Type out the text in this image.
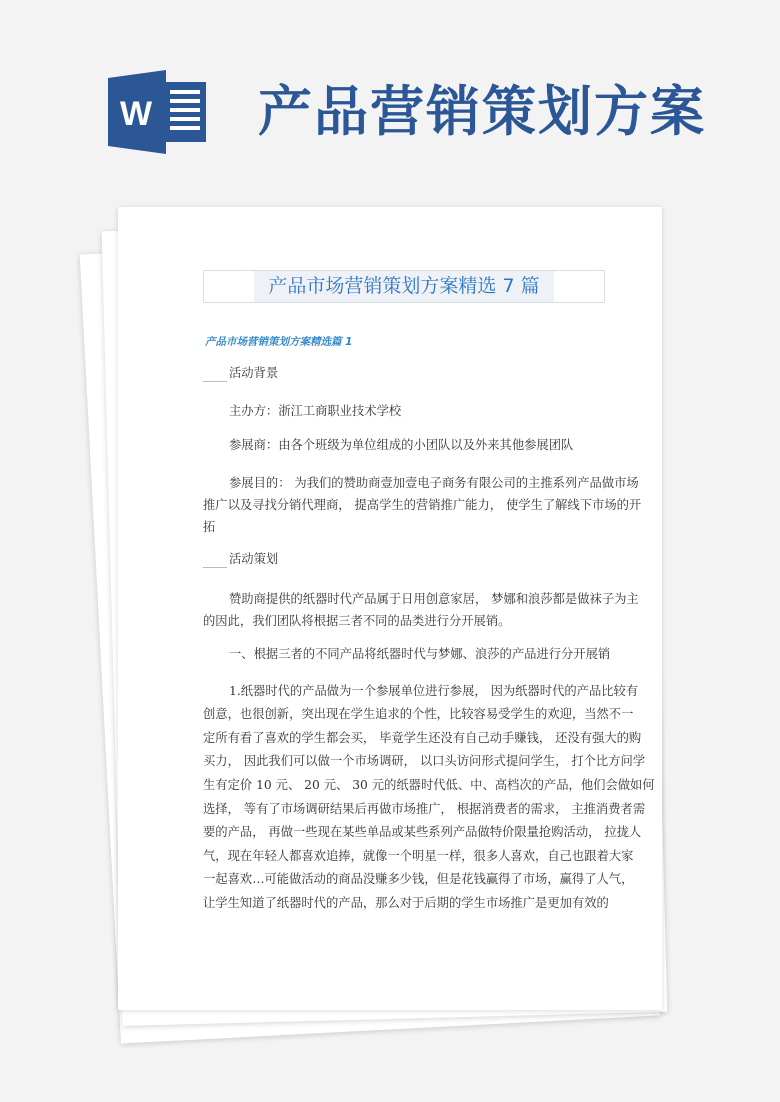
W 产品营销策划方案
产品市场营销策划方案精选 7 篇
产品市场营销策划方案精选篇 1
活动背景
主办方：浙江工商职业技术学校
参展商：由各个班级为单位组成的小团队以及外来其他参展团队
参展目的： 为我们的赞助商壹加壹电子商务有限公司的主推系列产品做市场
推广以及寻找分销代理商， 提高学生的营销推广能力， 使学生了解线下市场的开
拓
活动策划
赞助商提供的纸器时代产品属于日用创意家居， 梦娜和浪莎都是做袜子为主
的因此，我们团队将根据三者不同的品类进行分开展销。
一、根据三者的不同产品将纸器时代与梦娜、浪莎的产品进行分开展销
1.纸器时代的产品做为一个参展单位进行参展， 因为纸器时代的产品比较有
创意，也很创新，突出现在学生追求的个性，比较容易受学生的欢迎，当然不一
定所有看了喜欢的学生都会买， 毕竟学生还没有自己动手赚钱， 还没有强大的购
买力， 因此我们可以做一个市场调研， 以口头访问形式提问学生， 打个比方问学
生有定价 10 元、 20 元、 30 元的纸器时代低、中、高档次的产品，他们会做如何
选择， 等有了市场调研结果后再做市场推广， 根据消费者的需求， 主推消费者需
要的产品， 再做一些现在某些单品或某些系列产品做特价限量抢购活动， 拉拢人
气，现在年轻人都喜欢追捧，就像一个明星一样，很多人喜欢，自己也跟着大家
一起喜欢…可能做活动的商品没赚多少钱，但是花钱赢得了市场，赢得了人气，
让学生知道了纸器时代的产品，那么对于后期的学生市场推广是更加有效的
